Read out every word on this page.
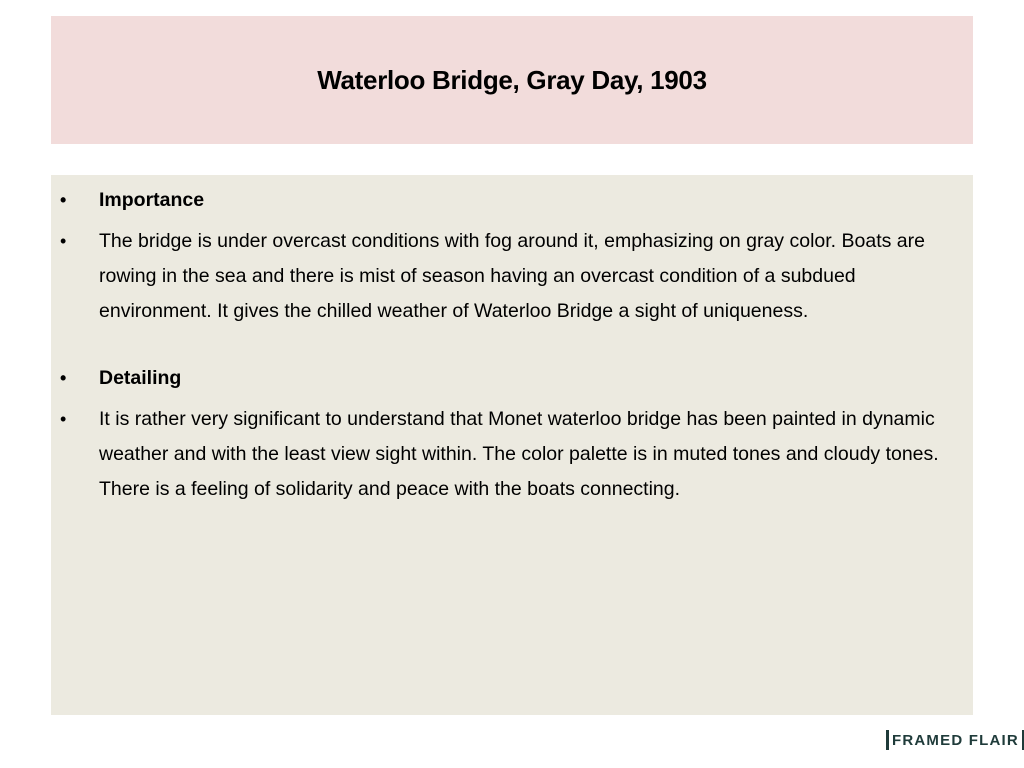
Waterloo Bridge, Gray Day, 1903
•	Importance
•	The bridge is under overcast conditions with fog around it, emphasizing on gray color. Boats are rowing in the sea and there is mist of season having an overcast condition of a subdued environment. It gives the chilled weather of Waterloo Bridge a sight of uniqueness.
•	Detailing
•	It is rather very significant to understand that Monet waterloo bridge has been painted in dynamic weather and with the least view sight within. The color palette is in muted tones and cloudy tones. There is a feeling of solidarity and peace with the boats connecting.
FRAMED FLAIR
